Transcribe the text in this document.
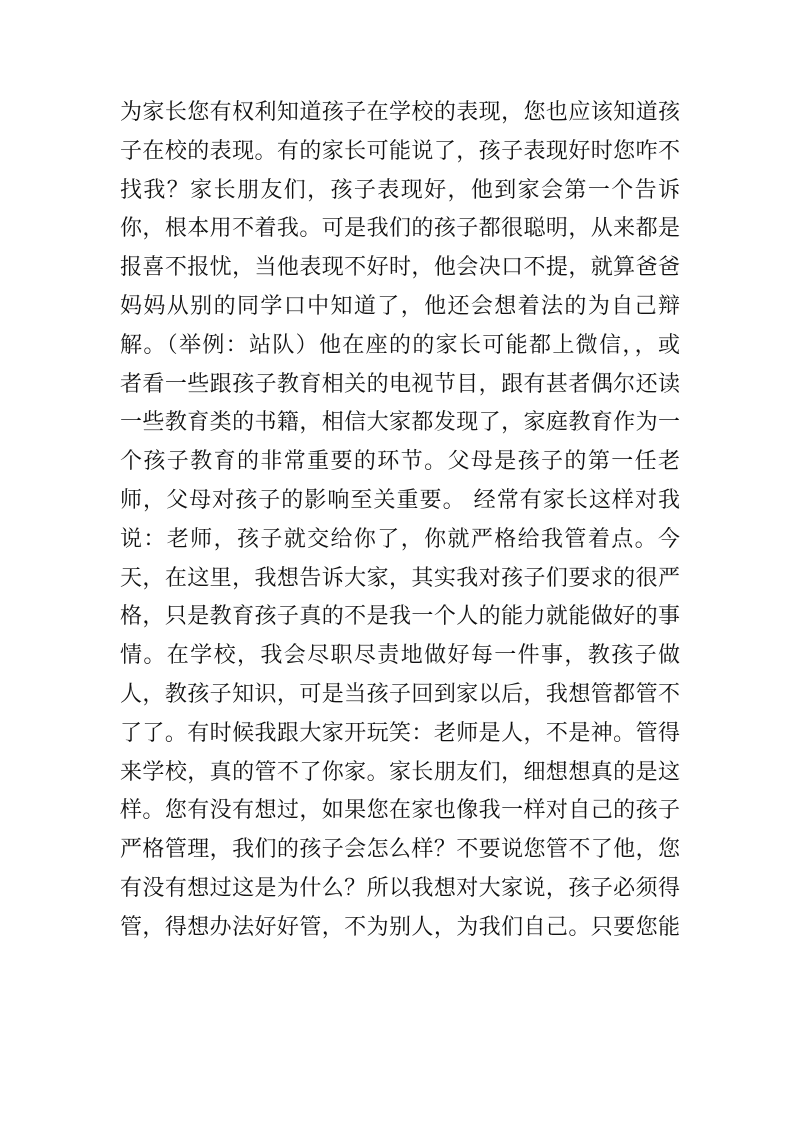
为家长您有权利知道孩子在学校的表现，您也应该知道孩
子在校的表现。有的家长可能说了，孩子表现好时您咋不
找我？家长朋友们，孩子表现好，他到家会第一个告诉
你，根本用不着我。可是我们的孩子都很聪明，从来都是
报喜不报忧，当他表现不好时，他会决口不提，就算爸爸
妈妈从别的同学口中知道了，他还会想着法的为自己辩
解。（举例：站队）他在座的的家长可能都上微信，，或
者看一些跟孩子教育相关的电视节目，跟有甚者偶尔还读
一些教育类的书籍，相信大家都发现了，家庭教育作为一
个孩子教育的非常重要的环节。父母是孩子的第一任老
师，父母对孩子的影响至关重要。 经常有家长这样对我
说：老师，孩子就交给你了，你就严格给我管着点。今
天，在这里，我想告诉大家，其实我对孩子们要求的很严
格，只是教育孩子真的不是我一个人的能力就能做好的事
情。在学校，我会尽职尽责地做好每一件事，教孩子做
人，教孩子知识，可是当孩子回到家以后，我想管都管不
了了。有时候我跟大家开玩笑：老师是人，不是神。管得
来学校，真的管不了你家。家长朋友们，细想想真的是这
样。您有没有想过，如果您在家也像我一样对自己的孩子
严格管理，我们的孩子会怎么样？不要说您管不了他，您
有没有想过这是为什么？所以我想对大家说，孩子必须得
管，得想办法好好管，不为别人，为我们自己。只要您能
